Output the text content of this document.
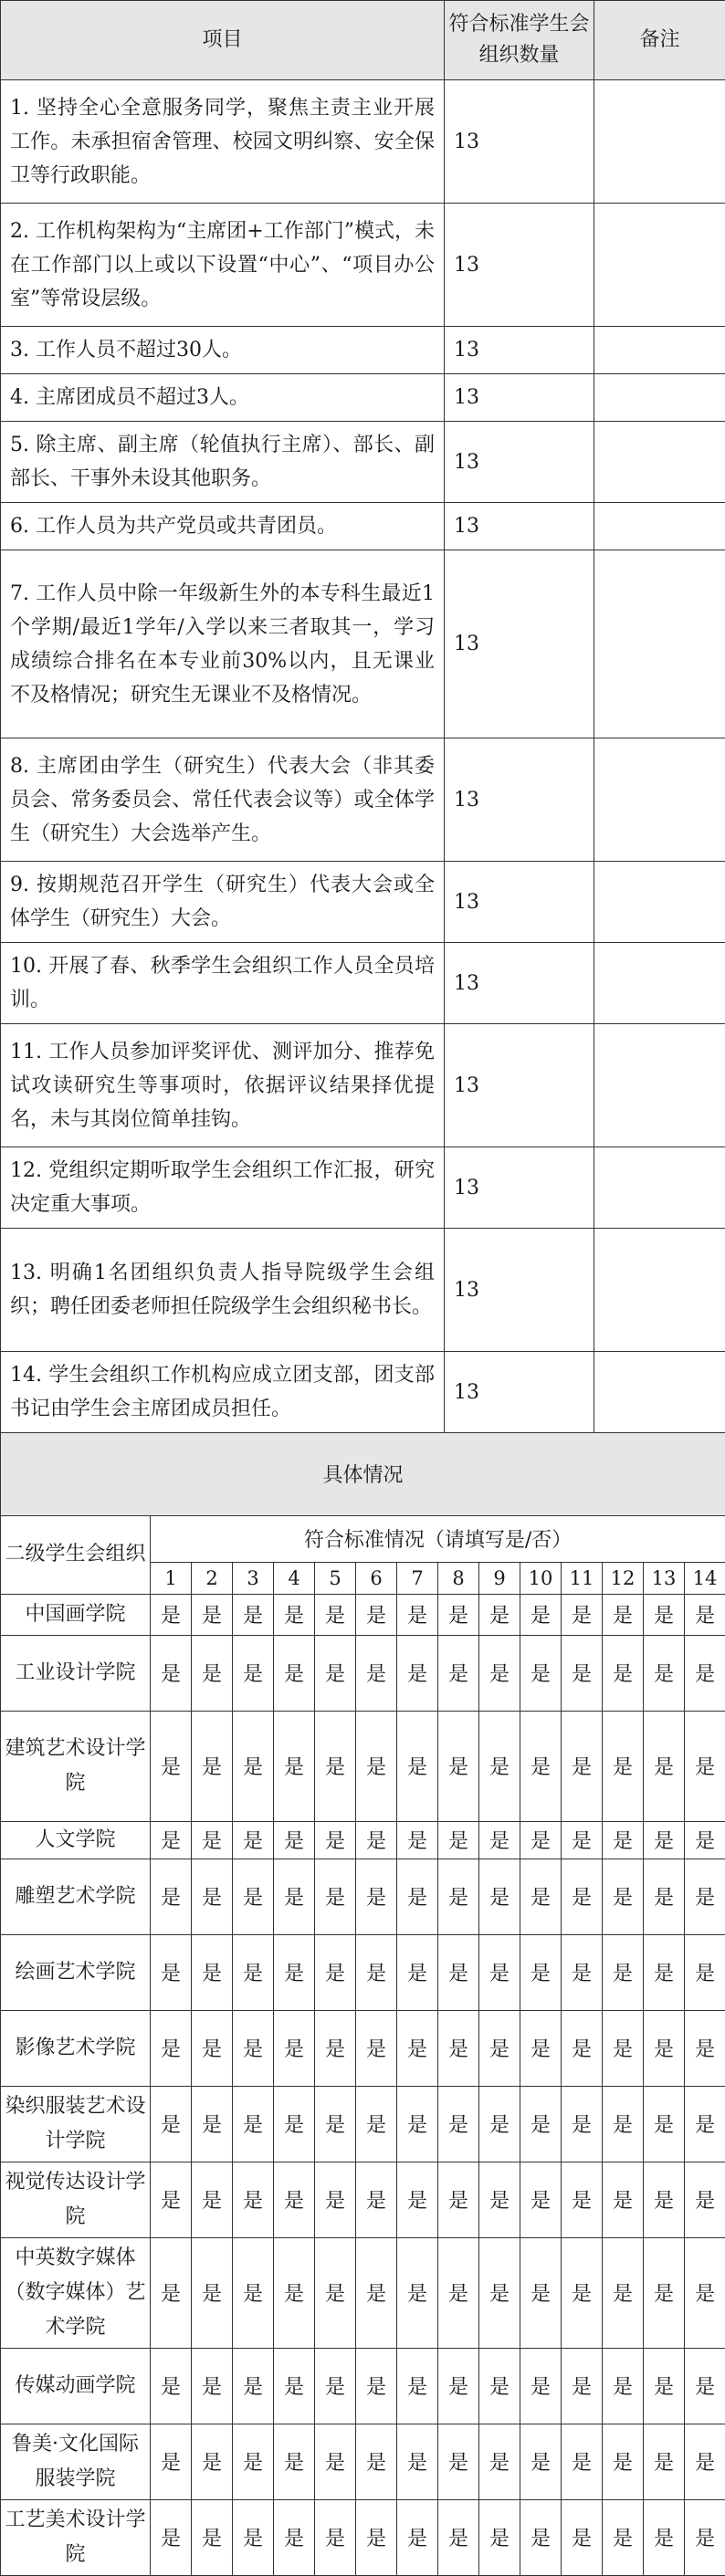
项目	符合标准学生会组织数量	备注
1. 坚持全心全意服务同学，聚焦主责主业开展工作。未承担宿舍管理、校园文明纠察、安全保卫等行政职能。	13	
2. 工作机构架构为“主席团+工作部门”模式，未在工作部门以上或以下设置“中心”、“项目办公室”等常设层级。	13	
3. 工作人员不超过30人。	13	
4. 主席团成员不超过3人。	13	
5. 除主席、副主席（轮值执行主席）、部长、副部长、干事外未设其他职务。	13	
6. 工作人员为共产党员或共青团员。	13	
7. 工作人员中除一年级新生外的本专科生最近1个学期/最近1学年/入学以来三者取其一，学习成绩综合排名在本专业前30%以内，且无课业不及格情况；研究生无课业不及格情况。	13	
8. 主席团由学生（研究生）代表大会（非其委员会、常务委员会、常任代表会议等）或全体学生（研究生）大会选举产生。	13	
9. 按期规范召开学生（研究生）代表大会或全体学生（研究生）大会。	13	
10. 开展了春、秋季学生会组织工作人员全员培训。	13	
11. 工作人员参加评奖评优、测评加分、推荐免试攻读研究生等事项时，依据评议结果择优提名，未与其岗位简单挂钩。	13	
12. 党组织定期听取学生会组织工作汇报，研究决定重大事项。	13	
13. 明确1名团组织负责人指导院级学生会组织；聘任团委老师担任院级学生会组织秘书长。	13	
14. 学生会组织工作机构应成立团支部，团支部书记由学生会主席团成员担任。	13	
具体情况														
二级学生会组织	符合标准情况（请填写是/否）													
	1	2	3	4	5	6	7	8	9	10	11	12	13	14
中国画学院	是	是	是	是	是	是	是	是	是	是	是	是	是	是
工业设计学院	是	是	是	是	是	是	是	是	是	是	是	是	是	是
建筑艺术设计学院	是	是	是	是	是	是	是	是	是	是	是	是	是	是
人文学院	是	是	是	是	是	是	是	是	是	是	是	是	是	是
雕塑艺术学院	是	是	是	是	是	是	是	是	是	是	是	是	是	是
绘画艺术学院	是	是	是	是	是	是	是	是	是	是	是	是	是	是
影像艺术学院	是	是	是	是	是	是	是	是	是	是	是	是	是	是
染织服装艺术设计学院	是	是	是	是	是	是	是	是	是	是	是	是	是	是
视觉传达设计学院	是	是	是	是	是	是	是	是	是	是	是	是	是	是
中英数字媒体（数字媒体）艺术学院	是	是	是	是	是	是	是	是	是	是	是	是	是	是
传媒动画学院	是	是	是	是	是	是	是	是	是	是	是	是	是	是
鲁美·文化国际服装学院	是	是	是	是	是	是	是	是	是	是	是	是	是	是
工艺美术设计学院	是	是	是	是	是	是	是	是	是	是	是	是	是	是
